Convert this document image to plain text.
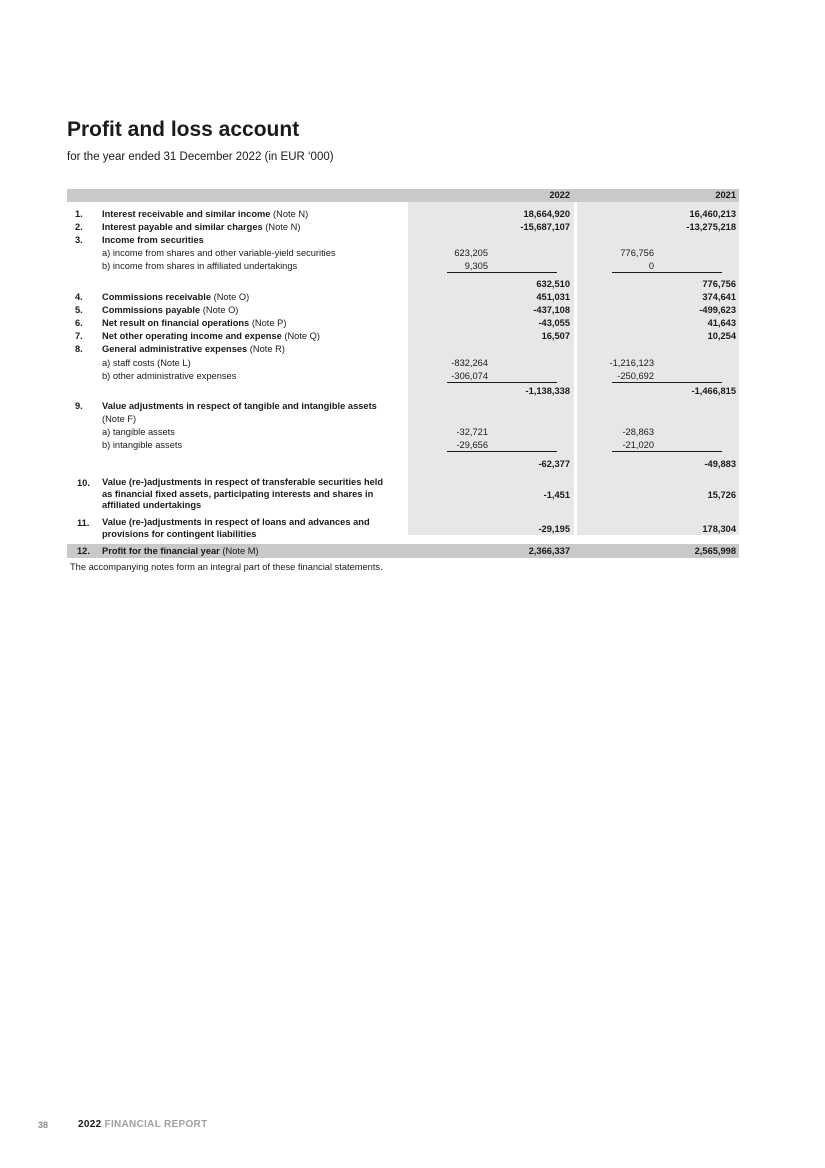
Profit and loss account

for the year ended 31 December 2022 (in EUR ‘000)

2022	2021
1. Interest receivable and similar income (Note N)	18,664,920	16,460,213
2. Interest payable and similar charges (Note N)	-15,687,107	-13,275,218
3. Income from securities
a) income from shares and other variable-yield securities	623,205	776,756
b) income from shares in affiliated undertakings	9,305	0
632,510	776,756
4. Commissions receivable (Note O)	451,031	374,641
5. Commissions payable (Note O)	-437,108	-499,623
6. Net result on financial operations (Note P)	-43,055	41,643
7. Net other operating income and expense (Note Q)	16,507	10,254
8. General administrative expenses (Note R)
a) staff costs (Note L)	-832,264	-1,216,123
b) other administrative expenses	-306,074	-250,692
-1,138,338	-1,466,815
9. Value adjustments in respect of tangible and intangible assets
(Note F)
a) tangible assets	-32,721	-28,863
b) intangible assets	-29,656	-21,020
-62,377	-49,883
10. Value (re-)adjustments in respect of transferable securities held as financial fixed assets, participating interests and shares in affiliated undertakings
-1,451	15,726
11. Value (re-)adjustments in respect of loans and advances and provisions for contingent liabilities	-29,195	178,304
12. Profit for the financial year (Note M)	2,366,337	2,565,998

The accompanying notes form an integral part of these financial statements.

38	2022 FINANCIAL REPORT
